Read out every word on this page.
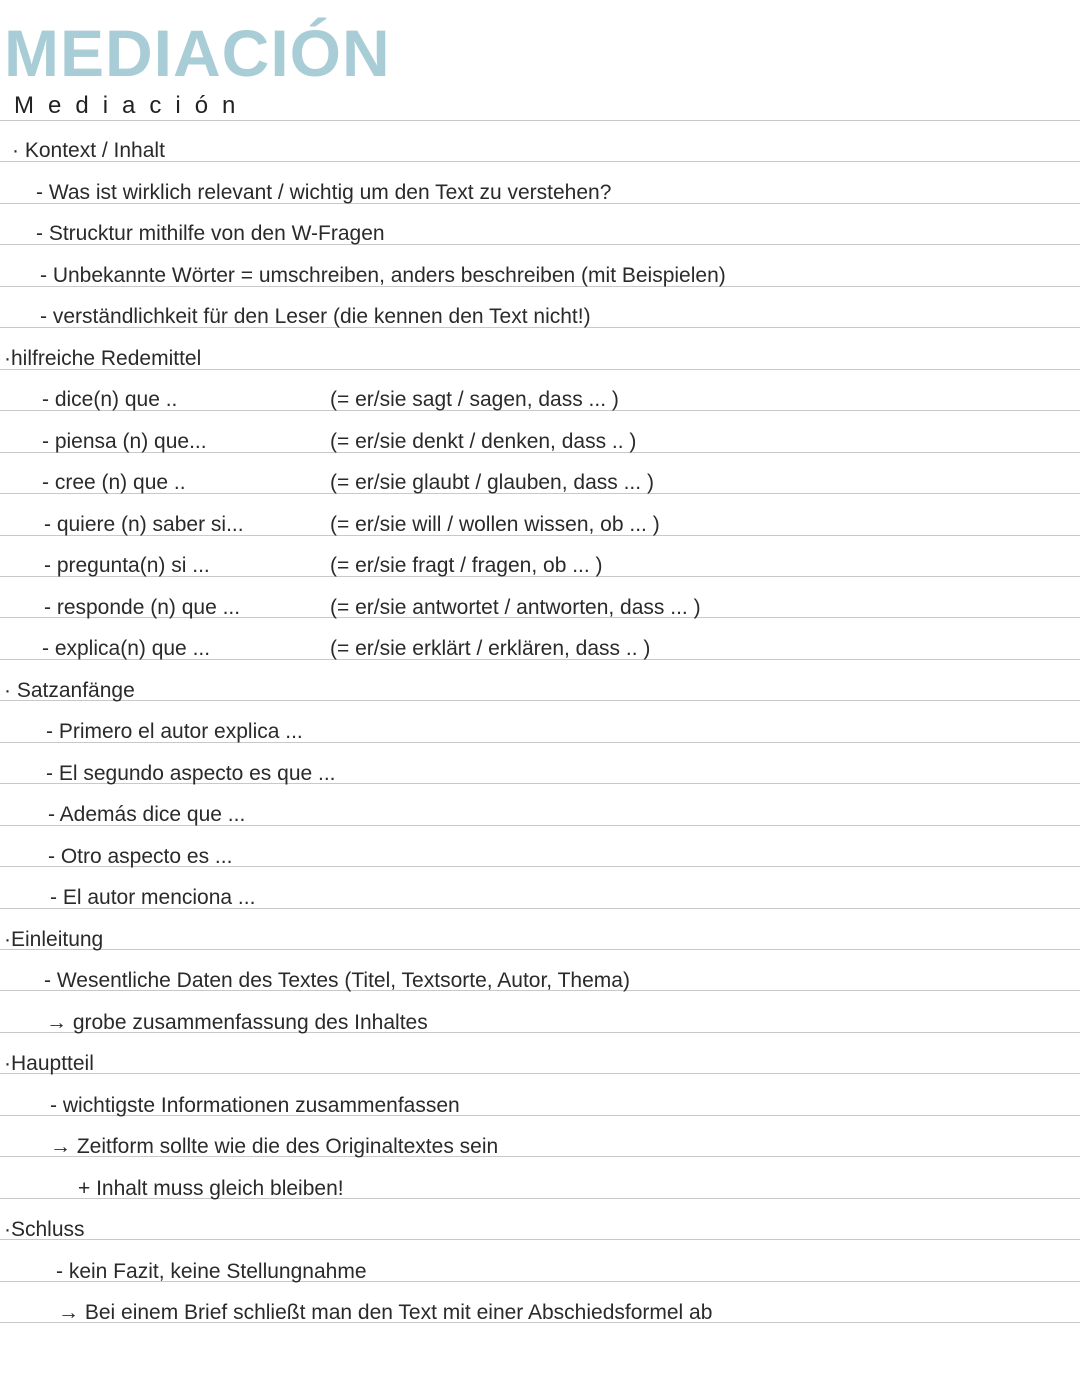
MEDIACIÓN
Mediación
· Kontext / Inhalt
- Was ist wirklich relevant / wichtig um den Text zu verstehen?
- Strucktur mithilfe von den W-Fragen
- Unbekannte Wörter = umschreiben, anders beschreiben (mit Beispielen)
- verständlichkeit für den Leser (die kennen den Text nicht!)
·hilfreiche Redemittel
- dice(n) que ..	(= er/sie sagt / sagen, dass ... )
- piensa (n) que...	(= er/sie denkt / denken, dass .. )
- cree (n) que ..	(= er/sie glaubt / glauben, dass ... )
- quiere (n) saber si...	(= er/sie will / wollen wissen, ob ... )
- pregunta(n) si ...	(= er/sie fragt / fragen, ob ... )
- responde (n) que ...	(= er/sie antwortet / antworten, dass ... )
- explica(n) que ...	(= er/sie erklärt / erklären, dass .. )
· Satzanfänge
- Primero el autor explica ...
- El segundo aspecto es que ...
- Además dice que ...
- Otro aspecto es ...
- El autor menciona ...
·Einleitung
- Wesentliche Daten des Textes (Titel, Textsorte, Autor, Thema)
→ grobe zusammenfassung des Inhaltes
·Hauptteil
- wichtigste Informationen zusammenfassen
→ Zeitform sollte wie die des Originaltextes sein
+ Inhalt muss gleich bleiben!
·Schluss
- kein Fazit, keine Stellungnahme
→ Bei einem Brief schließt man den Text mit einer Abschiedsformel ab
